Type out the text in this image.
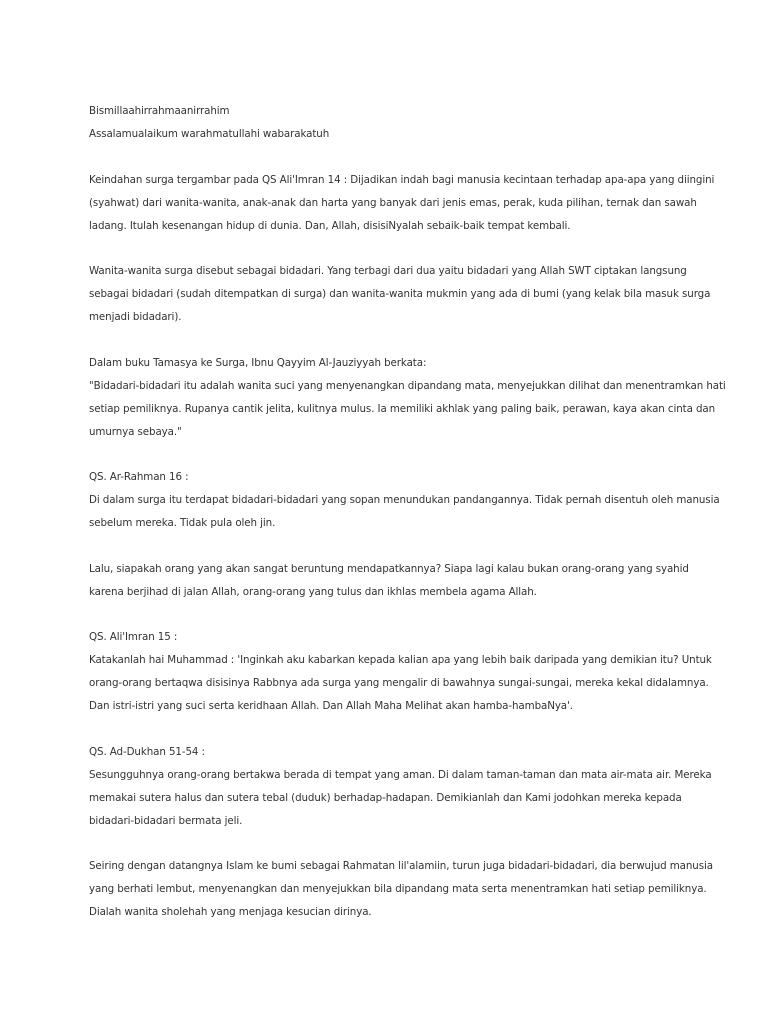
Bismillaahirrahmaanirrahim
Assalamualaikum warahmatullahi wabarakatuh
Keindahan surga tergambar pada QS Ali'Imran 14 : Dijadikan indah bagi manusia kecintaan terhadap apa-apa yang diingini
(syahwat) dari wanita-wanita, anak-anak dan harta yang banyak dari jenis emas, perak, kuda pilihan, ternak dan sawah
ladang. Itulah kesenangan hidup di dunia. Dan, Allah, disisiNyalah sebaik-baik tempat kembali.
Wanita-wanita surga disebut sebagai bidadari. Yang terbagi dari dua yaitu bidadari yang Allah SWT ciptakan langsung
sebagai bidadari (sudah ditempatkan di surga) dan wanita-wanita mukmin yang ada di bumi (yang kelak bila masuk surga
menjadi bidadari).
Dalam buku Tamasya ke Surga, Ibnu Qayyim Al-Jauziyyah berkata:
"Bidadari-bidadari itu adalah wanita suci yang menyenangkan dipandang mata, menyejukkan dilihat dan menentramkan hati
setiap pemiliknya. Rupanya cantik jelita, kulitnya mulus. Ia memiliki akhlak yang paling baik, perawan, kaya akan cinta dan
umurnya sebaya."
QS. Ar-Rahman 16 :
Di dalam surga itu terdapat bidadari-bidadari yang sopan menundukan pandangannya. Tidak pernah disentuh oleh manusia
sebelum mereka. Tidak pula oleh jin.
Lalu, siapakah orang yang akan sangat beruntung mendapatkannya? Siapa lagi kalau bukan orang-orang yang syahid
karena berjihad di jalan Allah, orang-orang yang tulus dan ikhlas membela agama Allah.
QS. Ali'Imran 15 :
Katakanlah hai Muhammad : 'Inginkah aku kabarkan kepada kalian apa yang lebih baik daripada yang demikian itu? Untuk
orang-orang bertaqwa disisinya Rabbnya ada surga yang mengalir di bawahnya sungai-sungai, mereka kekal didalamnya.
Dan istri-istri yang suci serta keridhaan Allah. Dan Allah Maha Melihat akan hamba-hambaNya'.
QS. Ad-Dukhan 51-54 :
Sesungguhnya orang-orang bertakwa berada di tempat yang aman. Di dalam taman-taman dan mata air-mata air. Mereka
memakai sutera halus dan sutera tebal (duduk) berhadap-hadapan. Demikianlah dan Kami jodohkan mereka kepada
bidadari-bidadari bermata jeli.
Seiring dengan datangnya Islam ke bumi sebagai Rahmatan lil'alamiin, turun juga bidadari-bidadari, dia berwujud manusia
yang berhati lembut, menyenangkan dan menyejukkan bila dipandang mata serta menentramkan hati setiap pemiliknya.
Dialah wanita sholehah yang menjaga kesucian dirinya.
